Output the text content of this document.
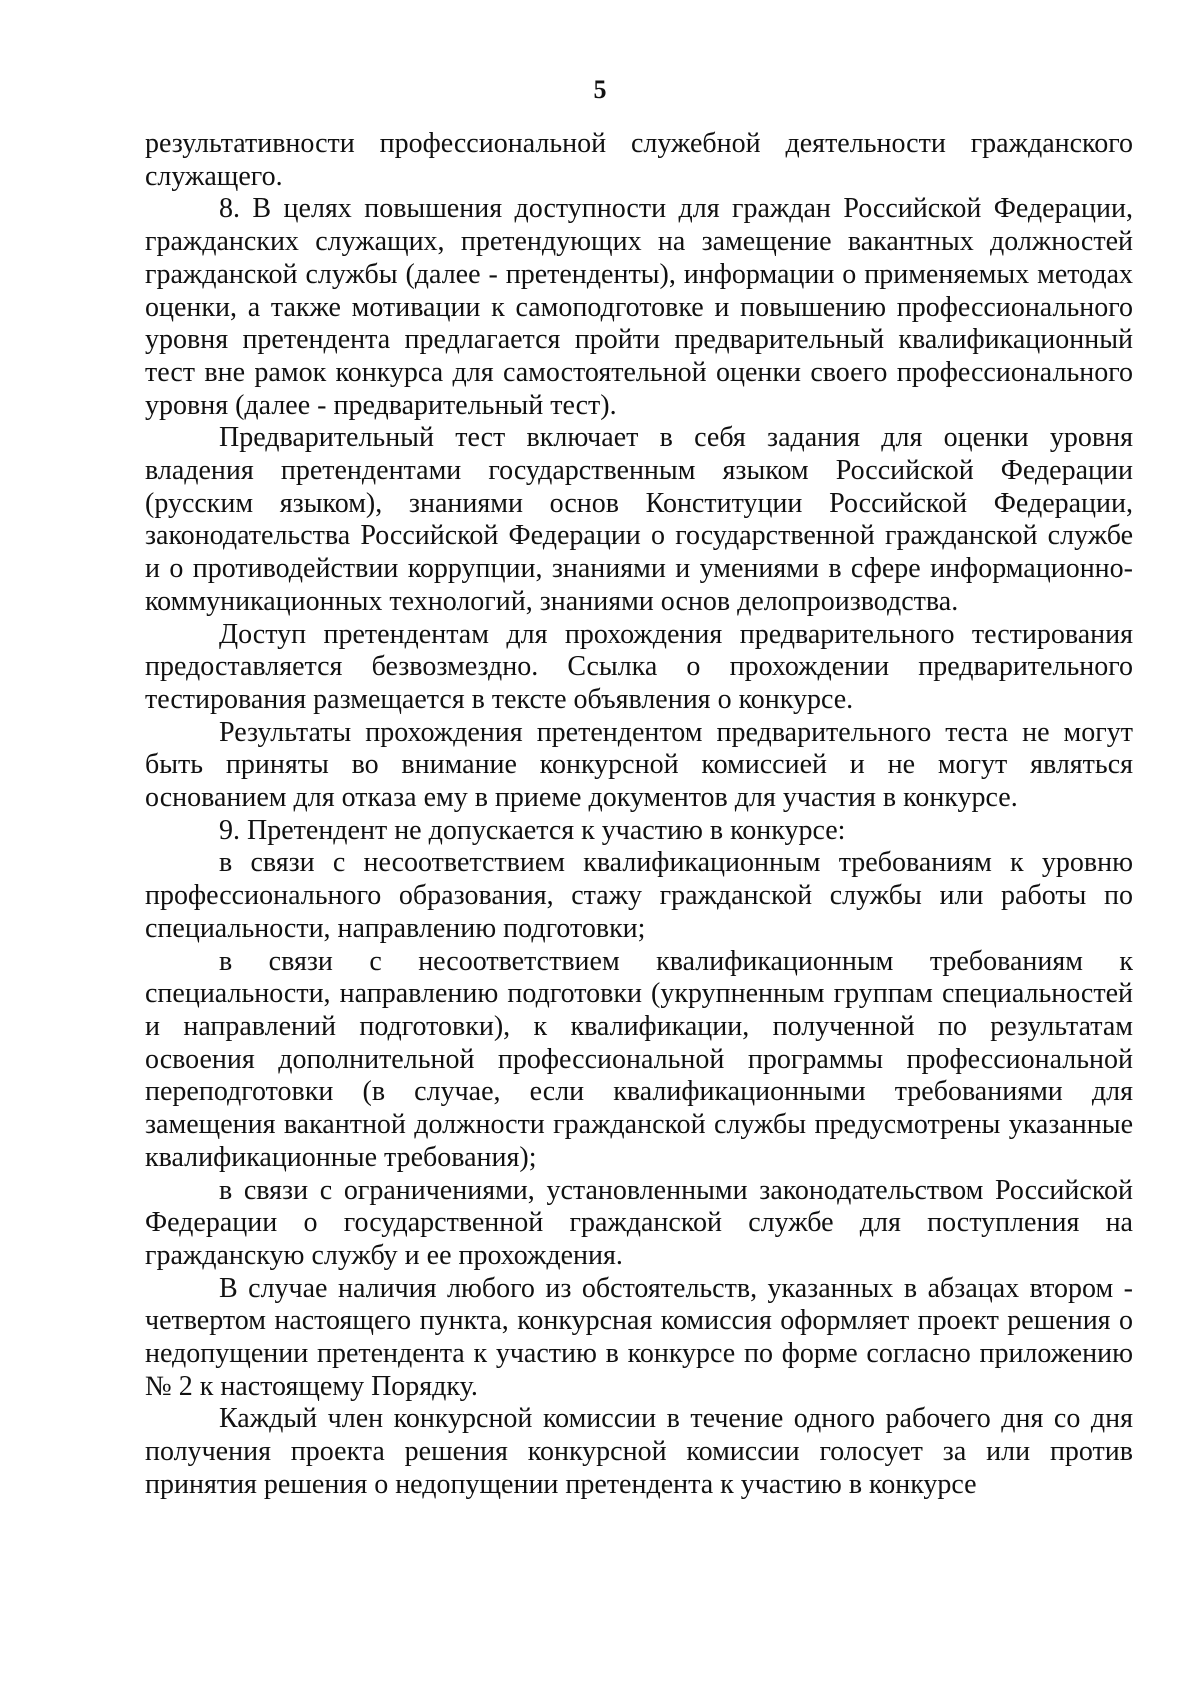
5

результативности профессиональной служебной деятельности гражданского служащего.

8. В целях повышения доступности для граждан Российской Федерации, гражданских служащих, претендующих на замещение вакантных должностей гражданской службы (далее - претенденты), информации о применяемых методах оценки, а также мотивации к самоподготовке и повышению профессионального уровня претендента предлагается пройти предварительный квалификационный тест вне рамок конкурса для самостоятельной оценки своего профессионального уровня (далее - предварительный тест).

Предварительный тест включает в себя задания для оценки уровня владения претендентами государственным языком Российской Федерации (русским языком), знаниями основ Конституции Российской Федерации, законодательства Российской Федерации о государственной гражданской службе и о противодействии коррупции, знаниями и умениями в сфере информационно-коммуникационных технологий, знаниями основ делопроизводства.

Доступ претендентам для прохождения предварительного тестирования предоставляется безвозмездно. Ссылка о прохождении предварительного тестирования размещается в тексте объявления о конкурсе.

Результаты прохождения претендентом предварительного теста не могут быть приняты во внимание конкурсной комиссией и не могут являться основанием для отказа ему в приеме документов для участия в конкурсе.

9. Претендент не допускается к участию в конкурсе:

в связи с несоответствием квалификационным требованиям к уровню профессионального образования, стажу гражданской службы или работы по специальности, направлению подготовки;

в связи с несоответствием квалификационным требованиям к специальности, направлению подготовки (укрупненным группам специальностей и направлений подготовки), к квалификации, полученной по результатам освоения дополнительной профессиональной программы профессиональной переподготовки (в случае, если квалификационными требованиями для замещения вакантной должности гражданской службы предусмотрены указанные квалификационные требования);

в связи с ограничениями, установленными законодательством Российской Федерации о государственной гражданской службе для поступления на гражданскую службу и ее прохождения.

В случае наличия любого из обстоятельств, указанных в абзацах втором - четвертом настоящего пункта, конкурсная комиссия оформляет проект решения о недопущении претендента к участию в конкурсе по форме согласно приложению № 2 к настоящему Порядку.

Каждый член конкурсной комиссии в течение одного рабочего дня со дня получения проекта решения конкурсной комиссии голосует за или против принятия решения о недопущении претендента к участию в конкурсе
